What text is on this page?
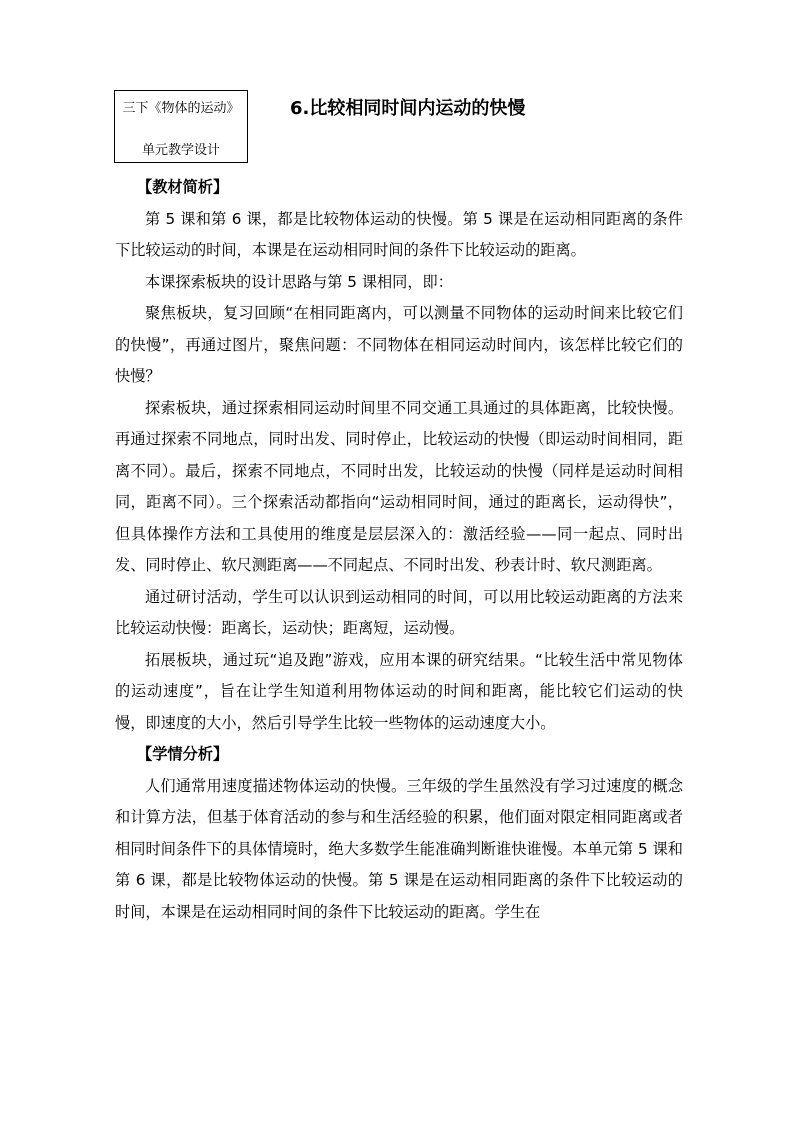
三下《物体的运动》
单元教学设计
6.比较相同时间内运动的快慢

【教材简析】

第 5 课和第 6 课，都是比较物体运动的快慢。第 5 课是在运动相同距离的条件下比较运动的时间，本课是在运动相同时间的条件下比较运动的距离。

本课探索板块的设计思路与第 5 课相同，即：

聚焦板块，复习回顾“在相同距离内，可以测量不同物体的运动时间来比较它们的快慢”，再通过图片，聚焦问题：不同物体在相同运动时间内，该怎样比较它们的快慢？

探索板块，通过探索相同运动时间里不同交通工具通过的具体距离，比较快慢。再通过探索不同地点，同时出发、同时停止，比较运动的快慢（即运动时间相同，距离不同）。最后，探索不同地点，不同时出发，比较运动的快慢（同样是运动时间相同，距离不同）。三个探索活动都指向“运动相同时间，通过的距离长，运动得快”，但具体操作方法和工具使用的维度是层层深入的：激活经验——同一起点、同时出发、同时停止、软尺测距离——不同起点、不同时出发、秒表计时、软尺测距离。

通过研讨活动，学生可以认识到运动相同的时间，可以用比较运动距离的方法来比较运动快慢：距离长，运动快；距离短，运动慢。

拓展板块，通过玩“追及跑”游戏，应用本课的研究结果。“比较生活中常见物体的运动速度”，旨在让学生知道利用物体运动的时间和距离，能比较它们运动的快慢，即速度的大小，然后引导学生比较一些物体的运动速度大小。

【学情分析】

人们通常用速度描述物体运动的快慢。三年级的学生虽然没有学习过速度的概念和计算方法，但基于体育活动的参与和生活经验的积累，他们面对限定相同距离或者相同时间条件下的具体情境时，绝大多数学生能准确判断谁快谁慢。本单元第 5 课和第 6 课，都是比较物体运动的快慢。第 5 课是在运动相同距离的条件下比较运动的时间，本课是在运动相同时间的条件下比较运动的距离。学生在
